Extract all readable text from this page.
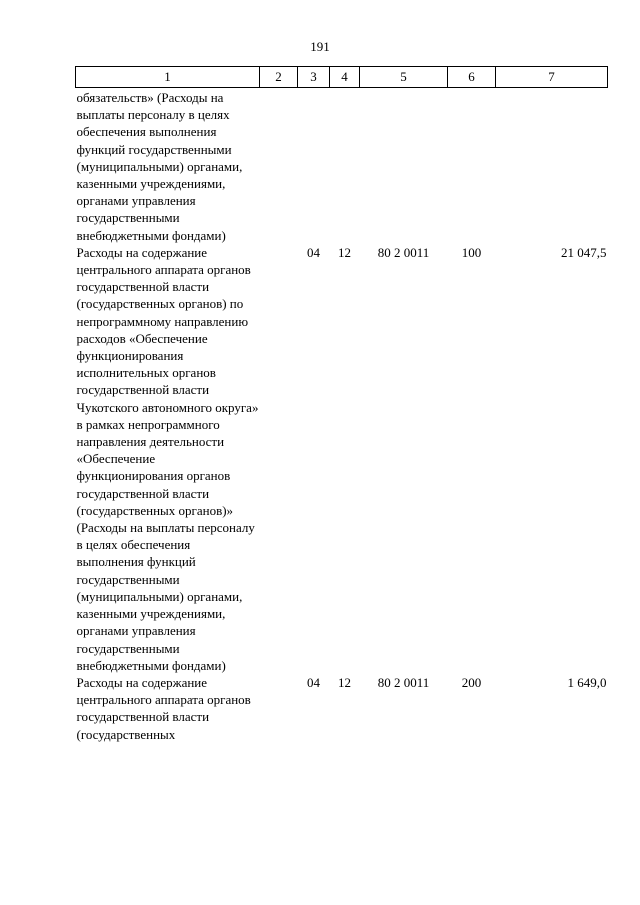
191
1	2	3	4	5	6	7
обязательств» (Расходы на выплаты персоналу в целях обеспечения выполнения функций государственными (муниципальными) органами, казенными учреждениями, органами управления государственными внебюджетными фондами)						
Расходы на содержание центрального аппарата органов государственной власти (государственных органов) по непрограммному направлению расходов «Обеспечение функционирования исполнительных органов государственной власти Чукотского автономного округа» в рамках непрограммного направления деятельности «Обеспечение функционирования органов государственной власти (государственных органов)» (Расходы на выплаты персоналу в целях обеспечения выполнения функций государственными (муниципальными) органами, казенными учреждениями, органами управления государственными внебюджетными фондами)		04	12	80 2 0011	100	21 047,5
Расходы на содержание центрального аппарата органов государственной власти (государственных		04	12	80 2 0011	200	1 649,0
